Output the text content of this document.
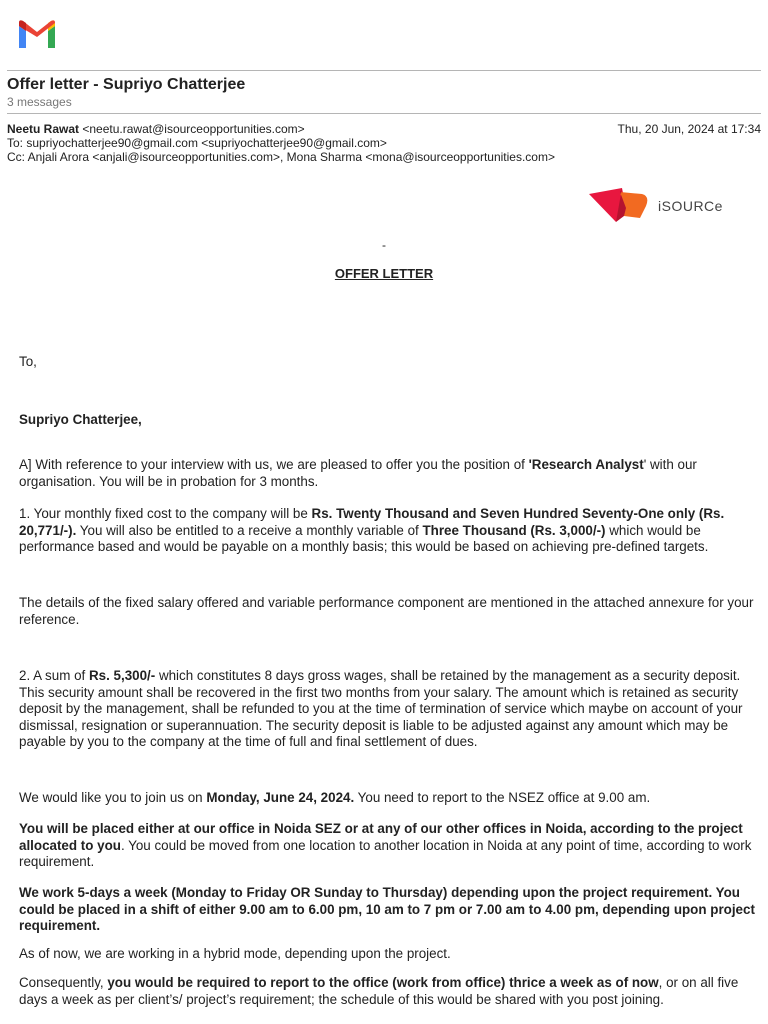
Offer letter - Supriyo Chatterjee
3 messages
Neetu Rawat <neetu.rawat@isourceopportunities.com>	Thu, 20 Jun, 2024 at 17:34
To: supriyochatterjee90@gmail.com <supriyochatterjee90@gmail.com>
Cc: Anjali Arora <anjali@isourceopportunities.com>, Mona Sharma <mona@isourceopportunities.com>
iSOURCe
-
OFFER LETTER
To,
Supriyo Chatterjee,
A] With reference to your interview with us, we are pleased to offer you the position of 'Research Analyst' with our organisation. You will be in probation for 3 months.
1. Your monthly fixed cost to the company will be Rs. Twenty Thousand and Seven Hundred Seventy-One only (Rs. 20,771/-). You will also be entitled to a receive a monthly variable of Three Thousand (Rs. 3,000/-) which would be performance based and would be payable on a monthly basis; this would be based on achieving pre-defined targets.
The details of the fixed salary offered and variable performance component are mentioned in the attached annexure for your reference.
2. A sum of Rs. 5,300/- which constitutes 8 days gross wages, shall be retained by the management as a security deposit. This security amount shall be recovered in the first two months from your salary. The amount which is retained as security deposit by the management, shall be refunded to you at the time of termination of service which maybe on account of your dismissal, resignation or superannuation. The security deposit is liable to be adjusted against any amount which may be payable by you to the company at the time of full and final settlement of dues.
We would like you to join us on Monday, June 24, 2024. You need to report to the NSEZ office at 9.00 am.
You will be placed either at our office in Noida SEZ or at any of our other offices in Noida, according to the project allocated to you. You could be moved from one location to another location in Noida at any point of time, according to work requirement.
We work 5-days a week (Monday to Friday OR Sunday to Thursday) depending upon the project requirement. You could be placed in a shift of either 9.00 am to 6.00 pm, 10 am to 7 pm or 7.00 am to 4.00 pm, depending upon project requirement.
As of now, we are working in a hybrid mode, depending upon the project.
Consequently, you would be required to report to the office (work from office) thrice a week as of now, or on all five days a week as per client’s/ project’s requirement; the schedule of this would be shared with you post joining.
